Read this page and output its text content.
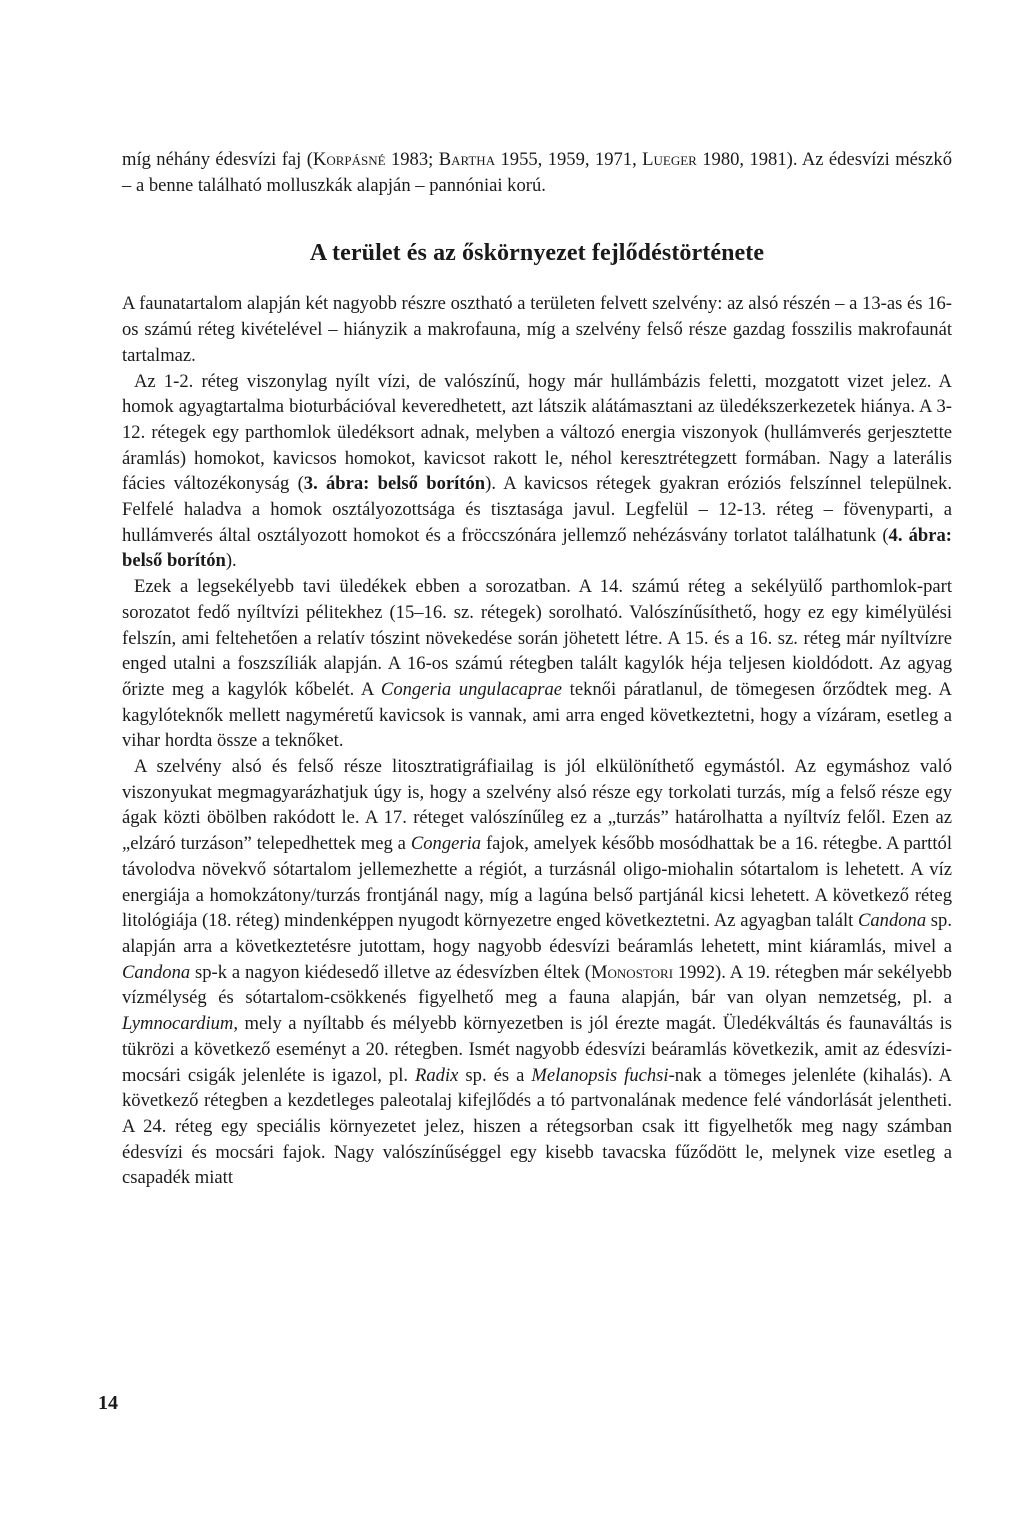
míg néhány édesvízi faj (Korpásné 1983; Bartha 1955, 1959, 1971, Lueger 1980, 1981). Az édesvízi mészkő – a benne található molluszkák alapján – pannóniai korú.

A terület és az őskörnyezet fejlődéstörténete

A faunatartalom alapján két nagyobb részre osztható a területen felvett szelvény: az alsó részén – a 13-as és 16-os számú réteg kivételével – hiányzik a makrofauna, míg a szelvény felső része gazdag fosszilis makrofaunát tartalmaz.

Az 1-2. réteg viszonylag nyílt vízi, de valószínű, hogy már hullámbázis feletti, mozgatott vizet jelez. A homok agyagtartalma bioturbációval keveredhetett, azt látszik alátámasztani az üledékszerkezetek hiánya. A 3-12. rétegek egy parthomlok üledéksort adnak, melyben a változó energia viszonyok (hullámverés gerjesztette áramlás) homokot, kavicsos homokot, kavicsot rakott le, néhol keresztrétegzett formában. Nagy a laterális fácies változékonyság (3. ábra: belső borítón). A kavicsos rétegek gyakran eróziós felszínnel települnek. Felfelé haladva a homok osztályozottsága és tisztasága javul. Legfelül – 12-13. réteg – fövenyparti, a hullámverés által osztályozott homokot és a fröccszónára jellemző nehézásvány torlatot találhatunk (4. ábra: belső borítón).

Ezek a legsekélyebb tavi üledékek ebben a sorozatban. A 14. számú réteg a sekélyülő parthomlok-part sorozatot fedő nyíltvízi pélitekhez (15–16. sz. rétegek) sorolható. Valószínűsíthető, hogy ez egy kimélyülési felszín, ami feltehetően a relatív tószint növekedése során jöhetett létre. A 15. és a 16. sz. réteg már nyíltvízre enged utalni a foszszíliák alapján. A 16-os számú rétegben talált kagylók héja teljesen kioldódott. Az agyag őrizte meg a kagylók kőbelét. A Congeria ungulacaprae teknői páratlanul, de tömegesen őrződtek meg. A kagylóteknők mellett nagyméretű kavicsok is vannak, ami arra enged következtetni, hogy a vízáram, esetleg a vihar hordta össze a teknőket.

A szelvény alsó és felső része litosztratigráfiailag is jól elkülöníthető egymástól. Az egymáshoz való viszonyukat megmagyarázhatjuk úgy is, hogy a szelvény alsó része egy torkolati turzás, míg a felső része egy ágak közti öbölben rakódott le. A 17. réteget valószínűleg ez a „turzás” határolhatta a nyíltvíz felől. Ezen az „elzáró turzáson” telepedhettek meg a Congeria fajok, amelyek később mosódhattak be a 16. rétegbe. A parttól távolodva növekvő sótartalom jellemezhette a régiót, a turzásnál oligo-miohalin sótartalom is lehetett. A víz energiája a homokzátony/turzás frontjánál nagy, míg a lagúna belső partjánál kicsi lehetett. A következő réteg litológiája (18. réteg) mindenképpen nyugodt környezetre enged következtetni. Az agyagban talált Candona sp. alapján arra a következtetésre jutottam, hogy nagyobb édesvízi beáramlás lehetett, mint kiáramlás, mivel a Candona sp-k a nagyon kiédesedő illetve az édesvízben éltek (Monostori 1992). A 19. rétegben már sekélyebb vízmélység és sótartalom-csökkenés figyelhető meg a fauna alapján, bár van olyan nemzetség, pl. a Lymnocardium, mely a nyíltabb és mélyebb környezetben is jól érezte magát. Üledékváltás és faunaváltás is tükrözi a következő eseményt a 20. rétegben. Ismét nagyobb édesvízi beáramlás következik, amit az édesvízi-mocsári csigák jelenléte is igazol, pl. Radix sp. és a Melanopsis fuchsi-nak a tömeges jelenléte (kihalás). A következő rétegben a kezdetleges paleotalaj kifejlődés a tó partvonalának medence felé vándorlását jelentheti. A 24. réteg egy speciális környezetet jelez, hiszen a rétegsorban csak itt figyelhetők meg nagy számban édesvízi és mocsári fajok. Nagy valószínűséggel egy kisebb tavacska fűződött le, melynek vize esetleg a csapadék miatt

14
